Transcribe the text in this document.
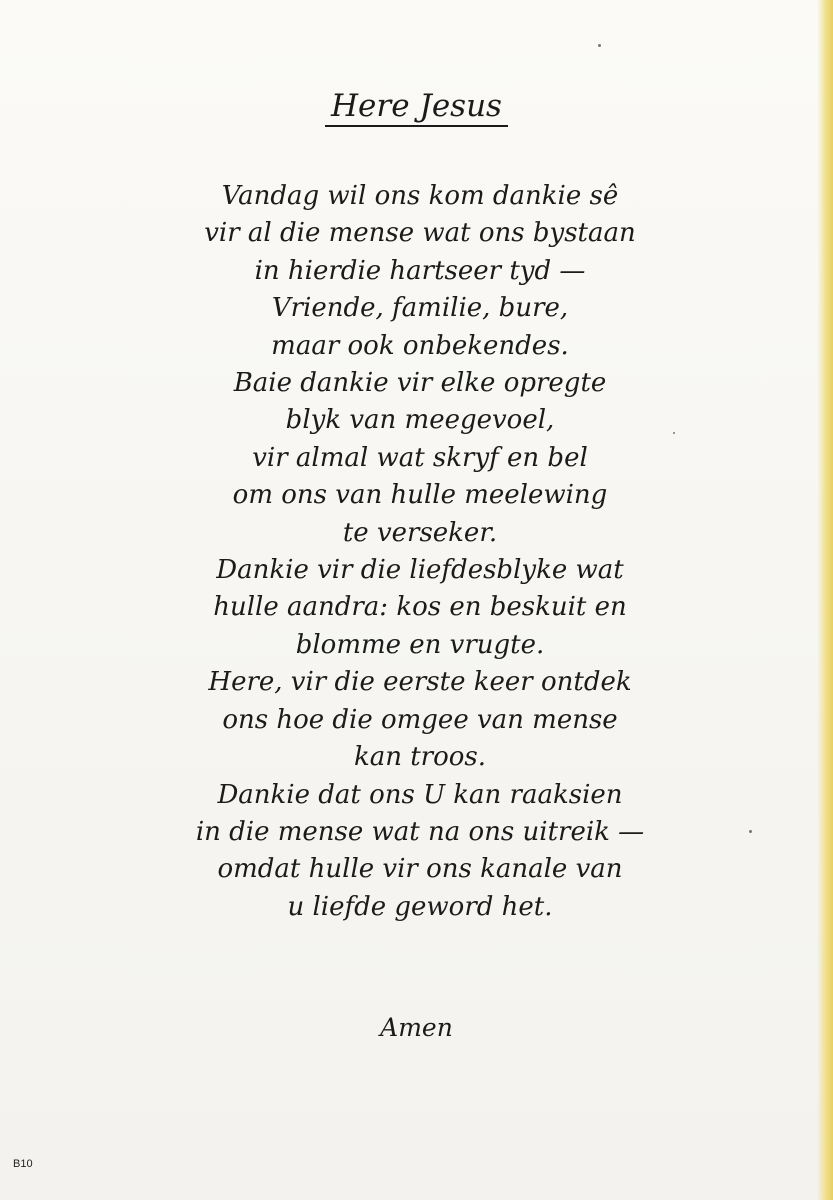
Here Jesus
Vandag wil ons kom dankie sê
vir al die mense wat ons bystaan
in hierdie hartseer tyd —
Vriende, familie, bure,
maar ook onbekendes.
Baie dankie vir elke opregte
blyk van meegevoel,
vir almal wat skryf en bel
om ons van hulle meelewing
te verseker.
Dankie vir die liefdesblyke wat
hulle aandra: kos en beskuit en
blomme en vrugte.
Here, vir die eerste keer ontdek
ons hoe die omgee van mense
kan troos.
Dankie dat ons U kan raaksien
in die mense wat na ons uitreik —
omdat hulle vir ons kanale van
u liefde geword het.
Amen
B10
